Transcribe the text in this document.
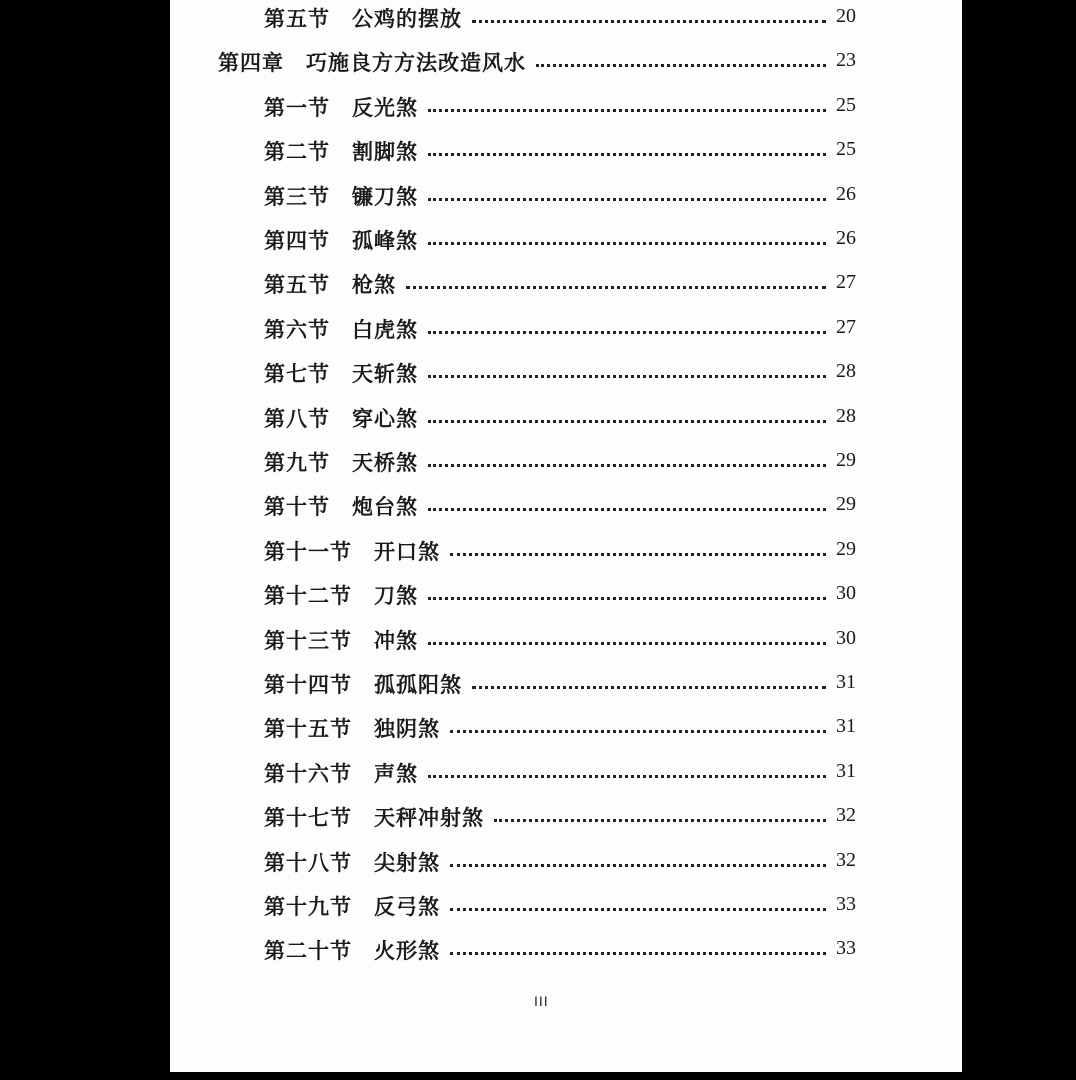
第五节 公鸡的摆放	20
第四章 巧施良方方法改造风水	23
第一节 反光煞	25
第二节 割脚煞	25
第三节 镰刀煞	26
第四节 孤峰煞	26
第五节 枪煞	27
第六节 白虎煞	27
第七节 天斩煞	28
第八节 穿心煞	28
第九节 天桥煞	29
第十节 炮台煞	29
第十一节 开口煞	29
第十二节 刀煞	30
第十三节 冲煞	30
第十四节 孤孤阳煞	31
第十五节 独阴煞	31
第十六节 声煞	31
第十七节 天秤冲射煞	32
第十八节 尖射煞	32
第十九节 反弓煞	33
第二十节 火形煞	33
III
